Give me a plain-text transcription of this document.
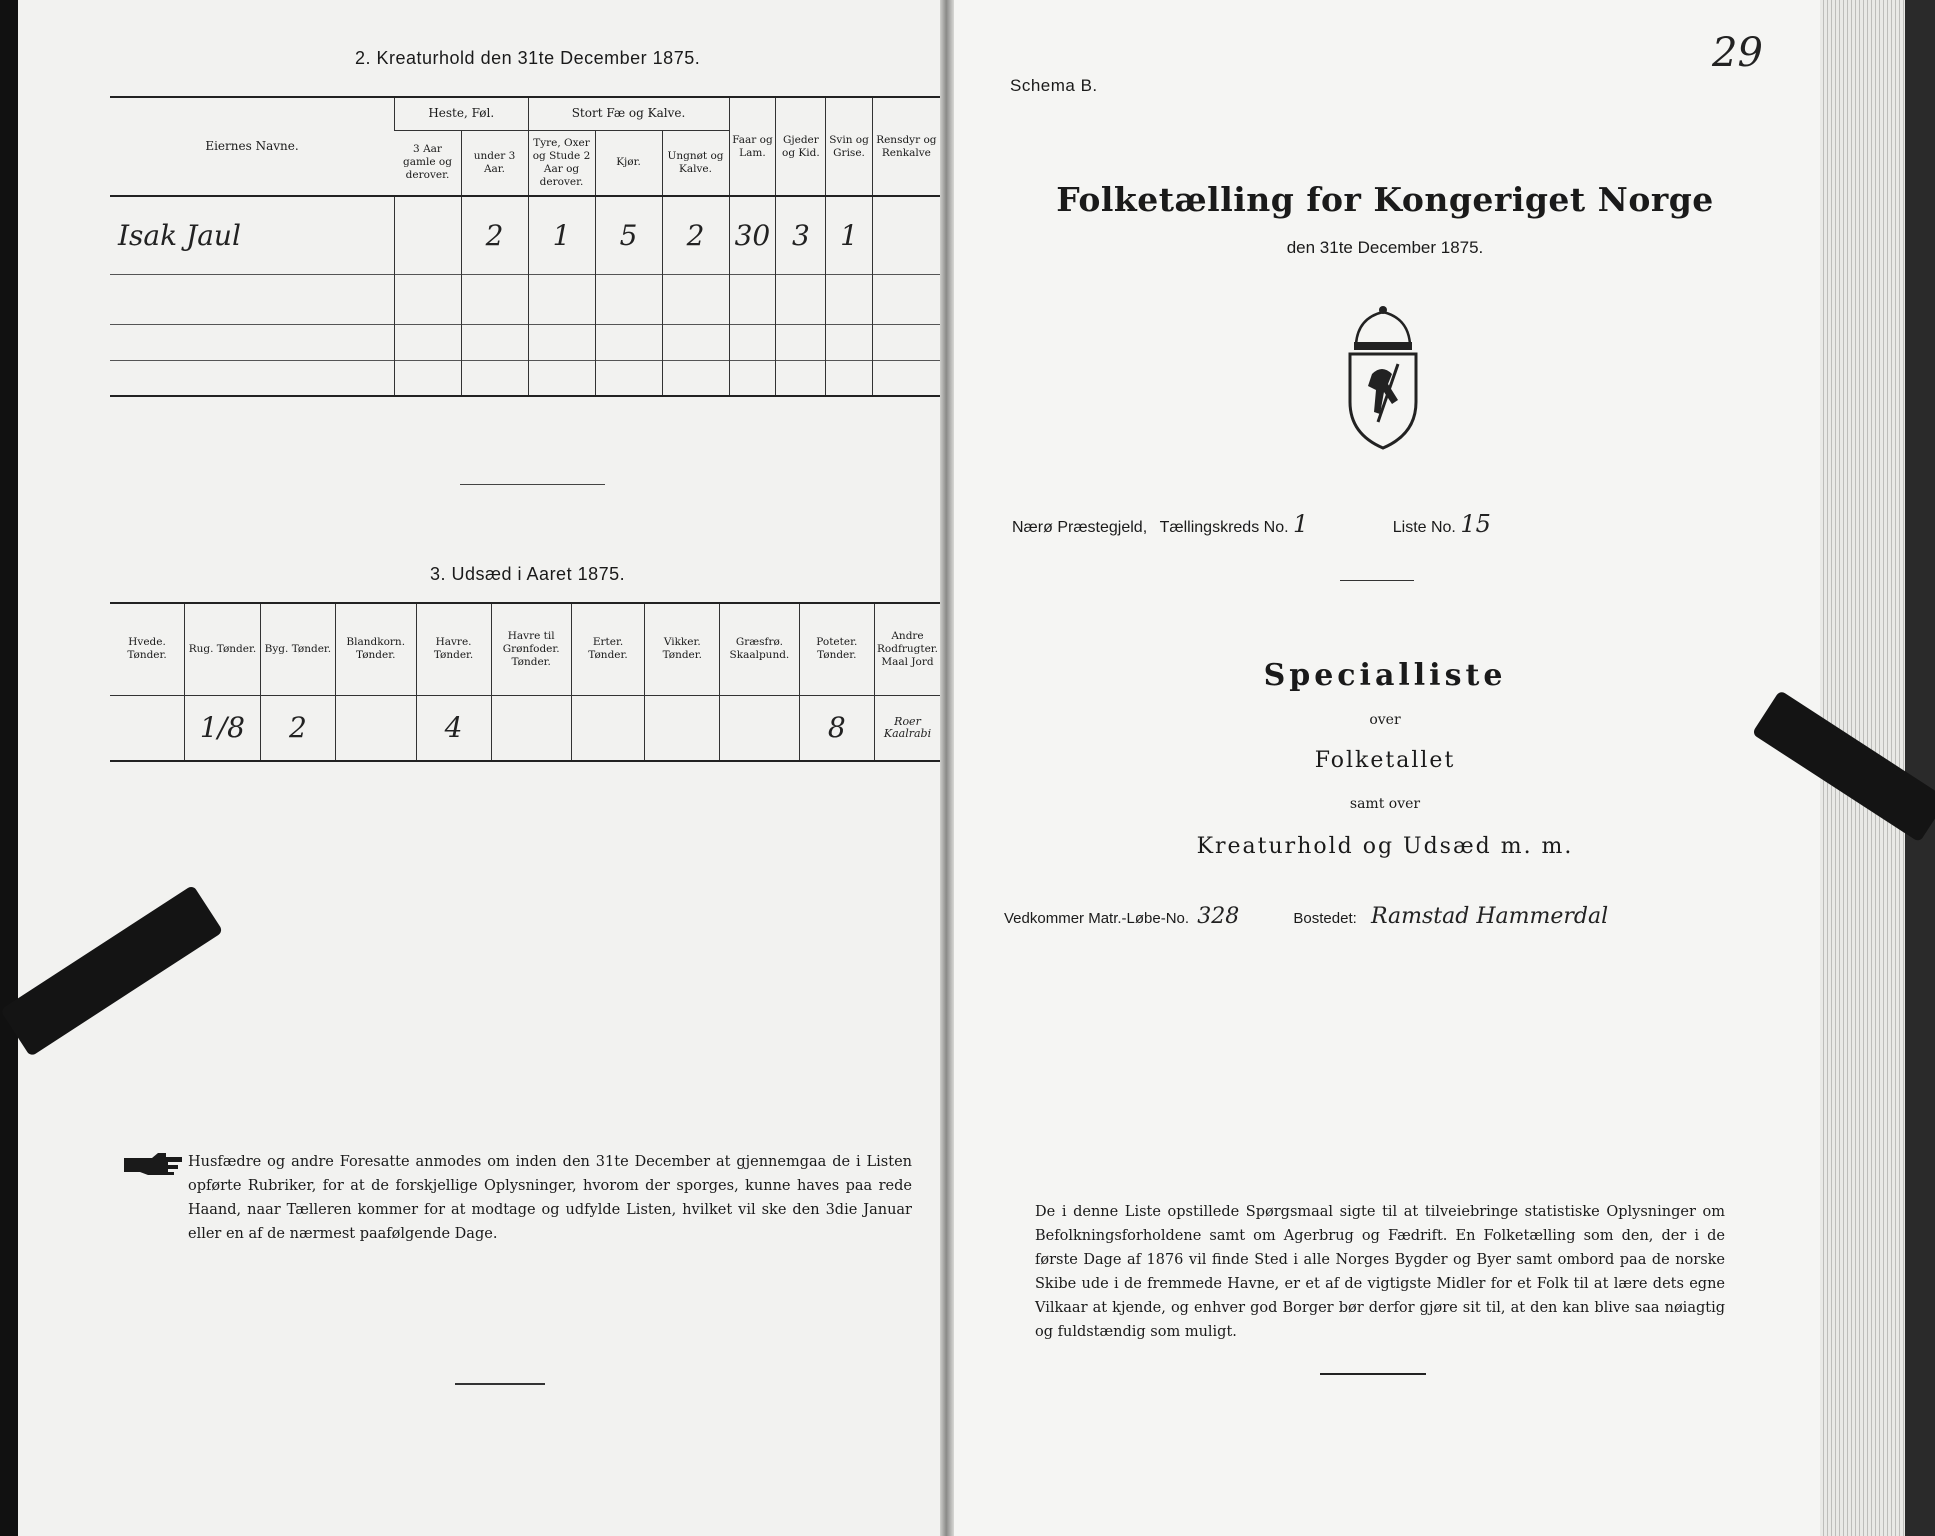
2. Kreaturhold den 31te December 1875.
Eiernes Navne.	Heste, Føl.		Stort Fæ og Kalve.			Faar og Lam.	Gjeder og Kid.	Svin og Grise.	Rensdyr og Renkalve
	3 Aar gamle og derover.	under 3 Aar.	Tyre, Oxer og Stude 2 Aar og derover.	Kjør.	Ungnøt og Kalve.				
Isak Jaul		2	1	5	2	30	3	1	

3. Udsæd i Aaret 1875.
Hvede. Tønder.	Rug. Tønder.	Byg. Tønder.	Blandkorn. Tønder.	Havre. Tønder.	Havre til Grønfoder. Tønder.	Erter. Tønder.	Vikker. Tønder.	Græsfrø. Skaalpund.	Poteter. Tønder.	Andre Rodfrugter. Maal Jord
	1/8	2		4					8	Roer Kaalrabi
Husfædre og andre Foresatte anmodes om inden den 31te December at gjennemgaa de i Listen opførte Rubriker, for at de forskjellige Oplysninger, hvorom der sporges, kunne haves paa rede Haand, naar Tælleren kommer for at modtage og udfylde Listen, hvilket vil ske den 3die Januar eller en af de nærmest paafølgende Dage.
29
Schema B.
Folketælling for Kongeriget Norge
den 31te December 1875.
Nærø Præstegjeld, Tællingskreds No. 1	Liste No. 15
Specialliste
over
Folketallet
samt over
Kreaturhold og Udsæd m. m.
Vedkommer Matr.-Løbe-No. 328	Bostedet: Ramstad Hammerdal
De i denne Liste opstillede Spørgsmaal sigte til at tilveiebringe statistiske Oplysninger om Befolkningsforholdene samt om Agerbrug og Fædrift. En Folketælling som den, der i de første Dage af 1876 vil finde Sted i alle Norges Bygder og Byer samt ombord paa de norske Skibe ude i de fremmede Havne, er et af de vigtigste Midler for et Folk til at lære dets egne Vilkaar at kjende, og enhver god Borger bør derfor gjøre sit til, at den kan blive saa nøiagtig og fuldstændig som muligt.
